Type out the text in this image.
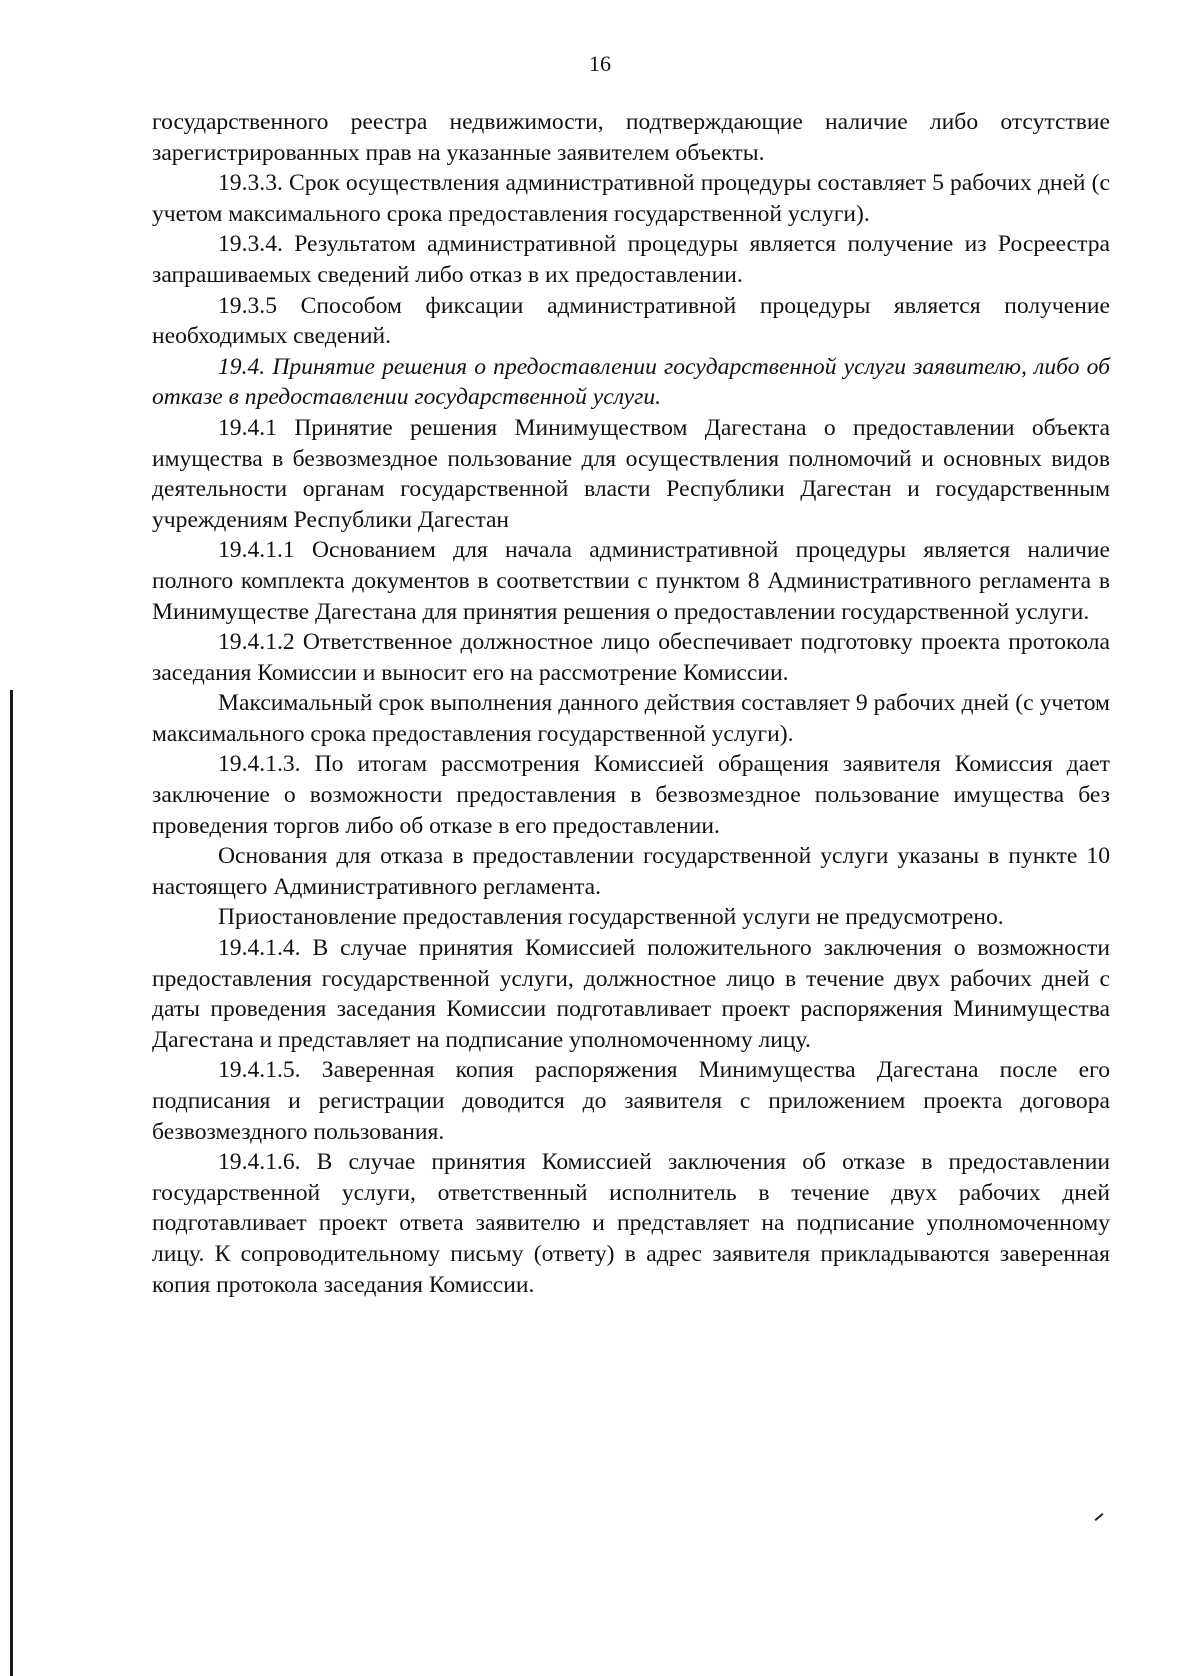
16

государственного реестра недвижимости, подтверждающие наличие либо отсутствие зарегистрированных прав на указанные заявителем объекты.

19.3.3. Срок осуществления административной процедуры составляет 5 рабочих дней (с учетом максимального срока предоставления государственной услуги).

19.3.4. Результатом административной процедуры является получение из Росреестра запрашиваемых сведений либо отказ в их предоставлении.

19.3.5 Способом фиксации административной процедуры является получение необходимых сведений.

19.4. Принятие решения о предоставлении государственной услуги заявителю, либо об отказе в предоставлении государственной услуги.

19.4.1 Принятие решения Минимуществом Дагестана о предоставлении объекта имущества в безвозмездное пользование для осуществления полномочий и основных видов деятельности органам государственной власти Республики Дагестан и государственным учреждениям Республики Дагестан

19.4.1.1 Основанием для начала административной процедуры является наличие полного комплекта документов в соответствии с пунктом 8 Административного регламента в Минимуществе Дагестана для принятия решения о предоставлении государственной услуги.

19.4.1.2 Ответственное должностное лицо обеспечивает подготовку проекта протокола заседания Комиссии и выносит его на рассмотрение Комиссии.

Максимальный срок выполнения данного действия составляет 9 рабочих дней (с учетом максимального срока предоставления государственной услуги).

19.4.1.3. По итогам рассмотрения Комиссией обращения заявителя Комиссия дает заключение о возможности предоставления в безвозмездное пользование имущества без проведения торгов либо об отказе в его предоставлении.

Основания для отказа в предоставлении государственной услуги указаны в пункте 10 настоящего Административного регламента.

Приостановление предоставления государственной услуги не предусмотрено.

19.4.1.4. В случае принятия Комиссией положительного заключения о возможности предоставления государственной услуги, должностное лицо в течение двух рабочих дней с даты проведения заседания Комиссии подготавливает проект распоряжения Минимущества Дагестана и представляет на подписание уполномоченному лицу.

19.4.1.5. Заверенная копия распоряжения Минимущества Дагестана после его подписания и регистрации доводится до заявителя с приложением проекта договора безвозмездного пользования.

19.4.1.6. В случае принятия Комиссией заключения об отказе в предоставлении государственной услуги, ответственный исполнитель в течение двух рабочих дней подготавливает проект ответа заявителю и представляет на подписание уполномоченному лицу. К сопроводительному письму (ответу) в адрес заявителя прикладываются заверенная копия протокола заседания Комиссии.
